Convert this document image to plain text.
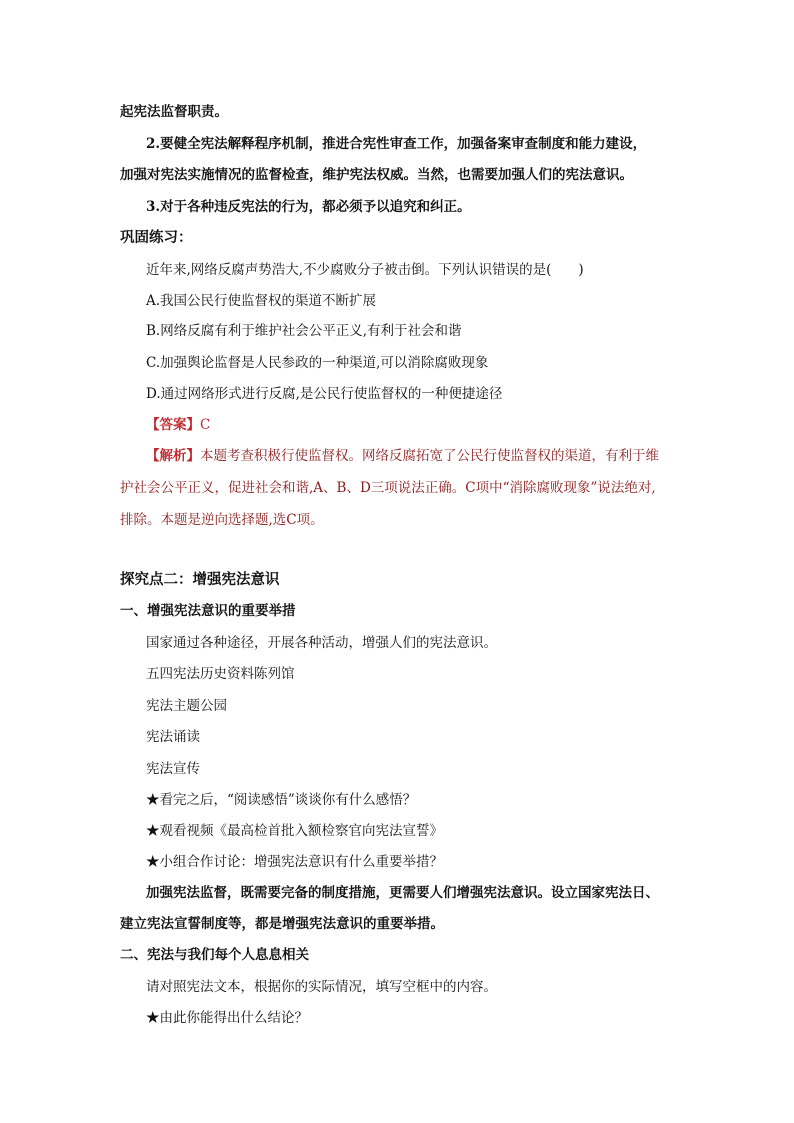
起宪法监督职责。
2.要健全宪法解释程序机制，推进合宪性审查工作，加强备案审查制度和能力建设，
加强对宪法实施情况的监督检查，维护宪法权威。当然，也需要加强人们的宪法意识。
3.对于各种违反宪法的行为，都必须予以追究和纠正。
巩固练习：
近年来,网络反腐声势浩大,不少腐败分子被击倒。下列认识错误的是(　　)
A.我国公民行使监督权的渠道不断扩展
B.网络反腐有利于维护社会公平正义,有利于社会和谐
C.加强舆论监督是人民参政的一种渠道,可以消除腐败现象
D.通过网络形式进行反腐,是公民行使监督权的一种便捷途径
【答案】C
【解析】本题考查积极行使监督权。网络反腐拓宽了公民行使监督权的渠道，有利于维
护社会公平正义，促进社会和谐,A、B、D三项说法正确。C项中“消除腐败现象”说法绝对,
排除。本题是逆向选择题,选C项。
探究点二：增强宪法意识
一、增强宪法意识的重要举措
国家通过各种途径，开展各种活动，增强人们的宪法意识。
五四宪法历史资料陈列馆
宪法主题公园
宪法诵读
宪法宣传
★看完之后，“阅读感悟”谈谈你有什么感悟？
★观看视频《最高检首批入额检察官向宪法宣誓》
★小组合作讨论：增强宪法意识有什么重要举措？
加强宪法监督，既需要完备的制度措施，更需要人们增强宪法意识。设立国家宪法日、
建立宪法宣誓制度等，都是增强宪法意识的重要举措。
二、宪法与我们每个人息息相关
请对照宪法文本，根据你的实际情况，填写空框中的内容。
★由此你能得出什么结论？
